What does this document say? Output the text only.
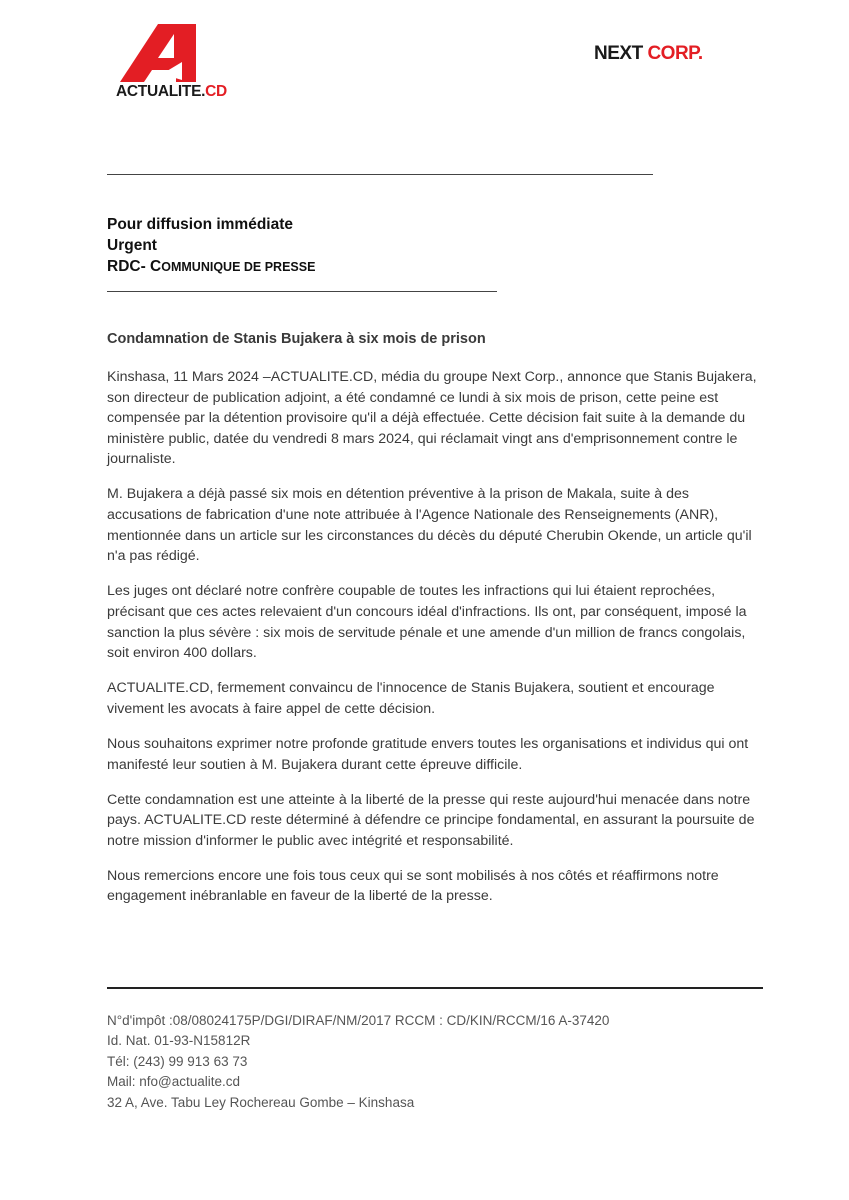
ACTUALITE.CD
NEXT CORP.
Pour diffusion immédiate
Urgent
RDC- COMMUNIQUE DE PRESSE
Condamnation de Stanis Bujakera à six mois de prison

Kinshasa, 11 Mars 2024 –ACTUALITE.CD, média du groupe Next Corp., annonce que Stanis Bujakera, son directeur de publication adjoint, a été condamné ce lundi à six mois de prison, cette peine est compensée par la détention provisoire qu'il a déjà effectuée. Cette décision fait suite à la demande du ministère public, datée du vendredi 8 mars 2024, qui réclamait vingt ans d'emprisonnement contre le journaliste.

M. Bujakera a déjà passé six mois en détention préventive à la prison de Makala, suite à des accusations de fabrication d'une note attribuée à l'Agence Nationale des Renseignements (ANR), mentionnée dans un article sur les circonstances du décès du député Cherubin Okende, un article qu'il n'a pas rédigé.

Les juges ont déclaré notre confrère coupable de toutes les infractions qui lui étaient reprochées, précisant que ces actes relevaient d'un concours idéal d'infractions. Ils ont, par conséquent, imposé la sanction la plus sévère : six mois de servitude pénale et une amende d'un million de francs congolais, soit environ 400 dollars.

ACTUALITE.CD, fermement convaincu de l'innocence de Stanis Bujakera, soutient et encourage vivement les avocats à faire appel de cette décision.

Nous souhaitons exprimer notre profonde gratitude envers toutes les organisations et individus qui ont manifesté leur soutien à M. Bujakera durant cette épreuve difficile.

Cette condamnation est une atteinte à la liberté de la presse qui reste aujourd'hui menacée dans notre pays. ACTUALITE.CD reste déterminé à défendre ce principe fondamental, en assurant la poursuite de notre mission d'informer le public avec intégrité et responsabilité.

Nous remercions encore une fois tous ceux qui se sont mobilisés à nos côtés et réaffirmons notre engagement inébranlable en faveur de la liberté de la presse.

N°d'impôt :08/08024175P/DGI/DIRAF/NM/2017 RCCM : CD/KIN/RCCM/16 A-37420
Id. Nat. 01-93-N15812R
Tél: (243) 99 913 63 73
Mail: nfo@actualite.cd
32 A, Ave. Tabu Ley Rochereau Gombe – Kinshasa
